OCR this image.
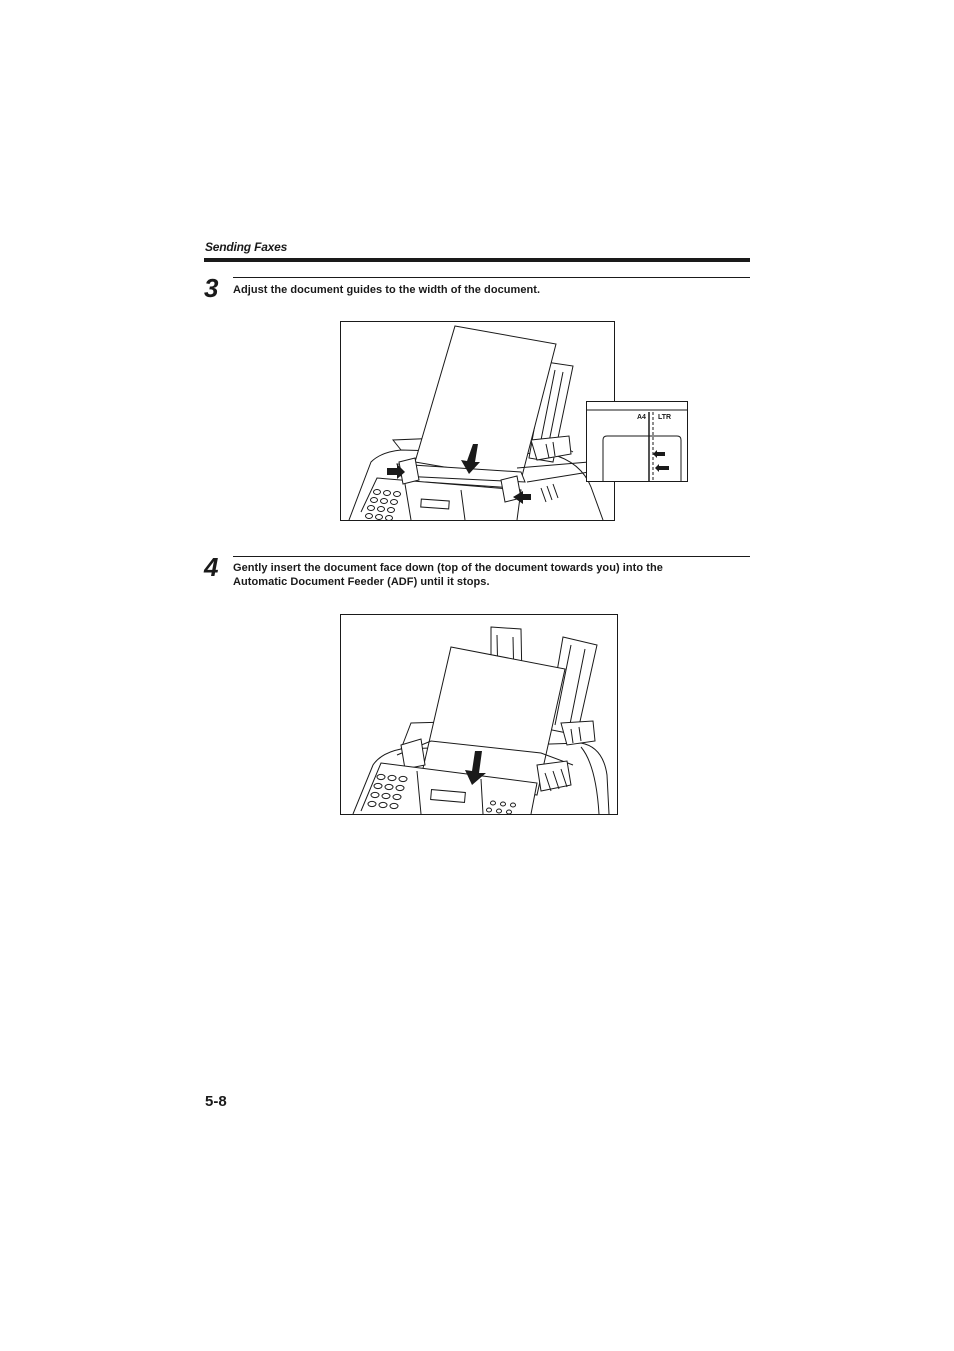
Sending Faxes
3 Adjust the document guides to the width of the document.
A4 LTR
4 Gently insert the document face down (top of the document towards you) into the
Automatic Document Feeder (ADF) until it stops.
5-8
